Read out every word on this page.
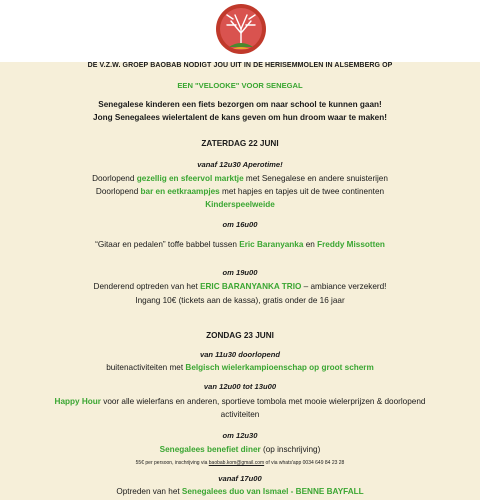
DE V.Z.W. GROEP BAOBAB NODIGT JOU UIT IN DE HERISEMMOLEN IN ALSEMBERG OP
EEN "VELOOKE" VOOR SENEGAL
Senegalese kinderen een fiets bezorgen om naar school te kunnen gaan!
Jong Senegalees wielertalent de kans geven om hun droom waar te maken!
ZATERDAG 22 JUNI
vanaf 12u30 Aperotime!
Doorlopend gezellig en sfeervol marktje met Senegalese en andere snuisterijen
Doorlopend bar en eetkraampjes met hapjes en tapjes uit de twee continenten
Kinderspeelweide
om 16u00
“Gitaar en pedalen” toffe babbel tussen Eric Baranyanka en Freddy Missotten
om 19u00
Denderend optreden van het ERIC BARANYANKA TRIO – ambiance verzekerd!
Ingang 10€ (tickets aan de kassa), gratis onder de 16 jaar
ZONDAG 23 JUNI
van 11u30 doorlopend
buitenactiviteiten met Belgisch wielerkampioenschap op groot scherm
van 12u00 tot 13u00
Happy Hour voor alle wielerfans en anderen, sportieve tombola met mooie wielerprijzen & doorlopend
activiteiten
om 12u30
Senegalees benefiet diner (op inschrijving)
55€ per persoon, inschrijving via baobab.kom@gmail.com of via whats'app 0034 649 84 23 28
vanaf 17u00
Optreden van het Senegalees duo van Ismael - BENNE BAYFALL
